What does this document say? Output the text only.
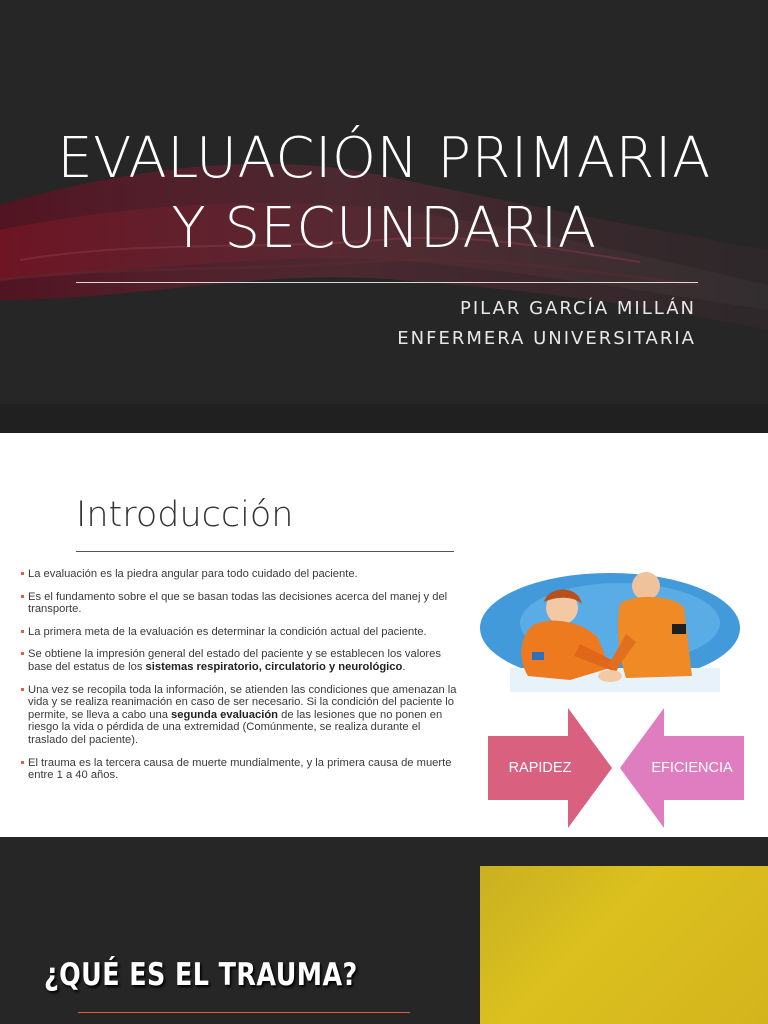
EVALUACIÓN PRIMARIA
Y SECUNDARIA
PILAR GARCÍA MILLÁN
ENFERMERA UNIVERSITARIA
Introducción
La evaluación es la piedra angular para todo cuidado del paciente.
Es el fundamento sobre el que se basan todas las decisiones acerca del manej y del transporte.
La primera meta de la evaluación es determinar la condición actual del paciente.
Se obtiene la impresión general del estado del paciente y se establecen los valores base del estatus de los sistemas respiratorio, circulatorio y neurológico.
Una vez se recopila toda la información, se atienden las condiciones que amenazan la vida y se realiza reanimación en caso de ser necesario. Si la condición del paciente lo permite, se lleva a cabo una segunda evaluación de las lesiones que no ponen en riesgo la vida o pérdida de una extremidad (Comúnmente, se realiza durante el traslado del paciente).
El trauma es la tercera causa de muerte mundialmente, y la primera causa de muerte entre 1 a 40 años.	RAPIDEZ	EFICIENCIA
¿QUÉ ES EL TRAUMA?
